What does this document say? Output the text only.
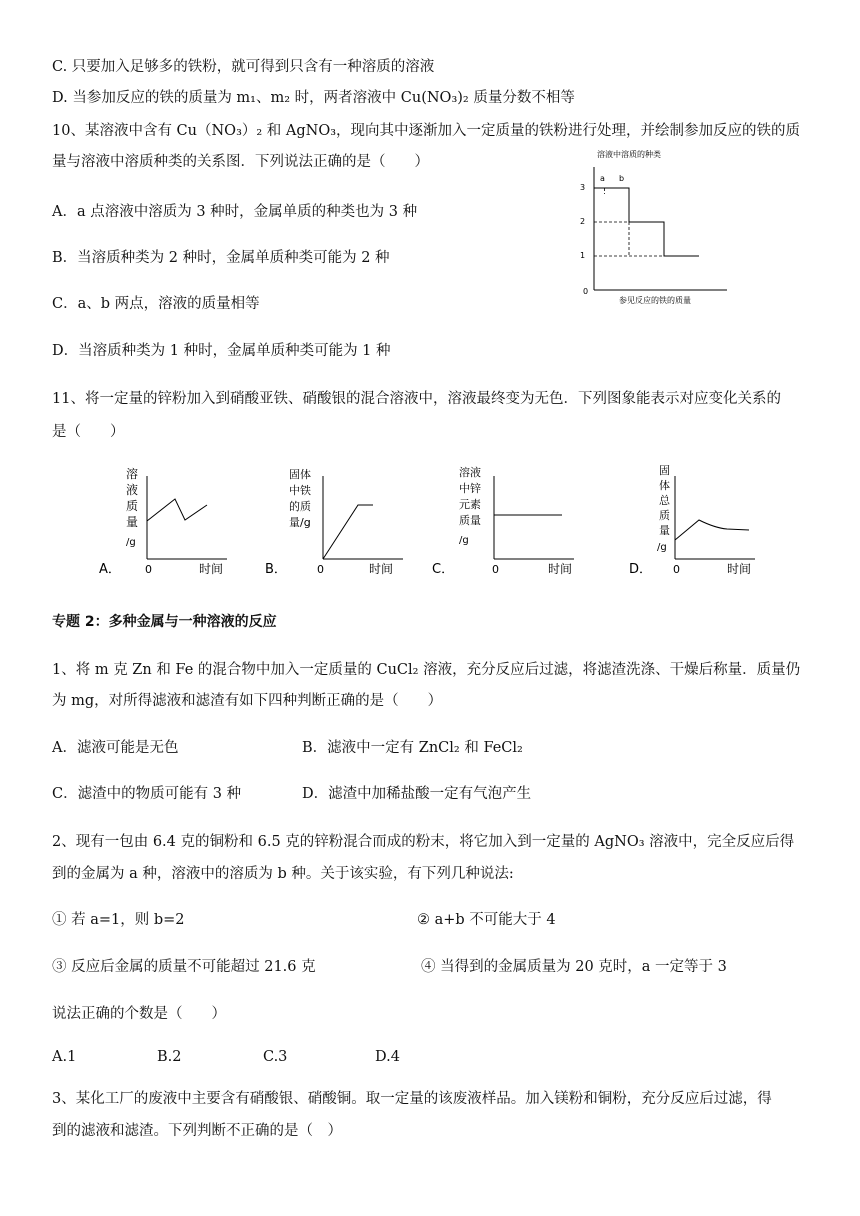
C. 只要加入足够多的铁粉，就可得到只含有一种溶质的溶液
D. 当参加反应的铁的质量为 m₁、m₂ 时，两者溶液中 Cu(NO₃)₂ 质量分数不相等
10、某溶液中含有 Cu（NO₃）₂ 和 AgNO₃，现向其中逐渐加入一定质量的铁粉进行处理，并绘制参加反应的铁的质
量与溶液中溶质种类的关系图．下列说法正确的是（　　）
A．a 点溶液中溶质为 3 种时，金属单质的种类也为 3 种
B．当溶质种类为 2 种时，金属单质种类可能为 2 种
C．a、b 两点，溶液的质量相等
D．当溶质种类为 1 种时，金属单质种类可能为 1 种
11、将一定量的锌粉加入到硝酸亚铁、硝酸银的混合溶液中，溶液最终变为无色．下列图象能表示对应变化关系的
是（　　）
专题 2：多种金属与一种溶液的反应
1、将 m 克 Zn 和 Fe 的混合物中加入一定质量的 CuCl₂ 溶液，充分反应后过滤，将滤渣洗涤、干燥后称量．质量仍
为 mg，对所得滤液和滤渣有如下四种判断正确的是（　　）
A．滤液可能是无色	B．滤液中一定有 ZnCl₂ 和 FeCl₂
C．滤渣中的物质可能有 3 种	D．滤渣中加稀盐酸一定有气泡产生
2、现有一包由 6.4 克的铜粉和 6.5 克的锌粉混合而成的粉末，将它加入到一定量的 AgNO₃ 溶液中，完全反应后得
到的金属为 a 种，溶液中的溶质为 b 种。关于该实验，有下列几种说法:
① 若 a=1，则 b=2	② a+b 不可能大于 4
③ 反应后金属的质量不可能超过 21.6 克	④ 当得到的金属质量为 20 克时，a 一定等于 3
说法正确的个数是（　　）
A.1	B.2	C.3	D.4
3、某化工厂的废液中主要含有硝酸银、硝酸铜。取一定量的该废液样品。加入镁粉和铜粉，充分反应后过滤，得
到的滤液和滤渣。下列判断不正确的是（　）
溶液中溶质的种类
3
2
1
0
a b
参见反应的铁的质量
A．
溶
液
质
量
/g
0	时间	B．
固体
中铁
的质
量/g
0	时间	C．
溶液
中锌
元素
质量
/g
0	时间	D．
固
体
总
质
量
/g
0	时间
